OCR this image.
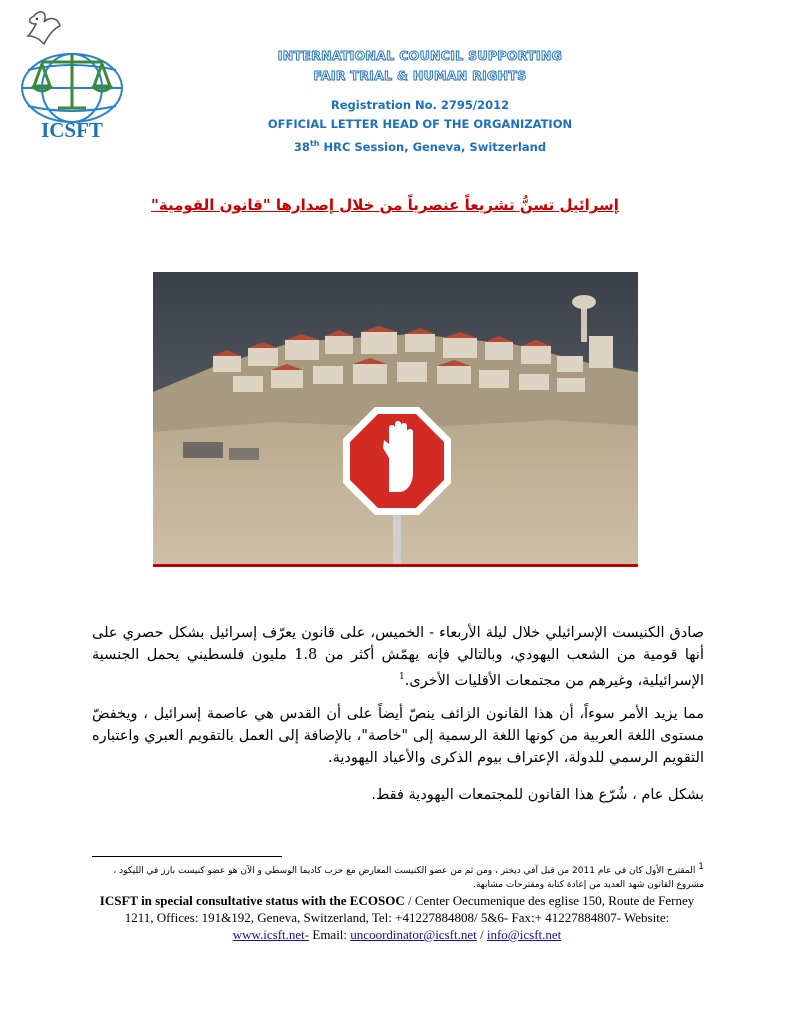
ICSFT
INTERNATIONAL COUNCIL SUPPORTING
FAIR TRIAL & HUMAN RIGHTS
Registration No. 2795/2012
OFFICIAL LETTER HEAD OF THE ORGANIZATION
38th HRC Session, Geneva, Switzerland
إسرائيل تسنُّ تشريعاً عنصرياً من خلال إصدارها "قانون القومية"
صادق الكنيست الإسرائيلي خلال ليلة الأربعاء - الخميس، على قانون يعرّف إسرائيل بشكل حصري على أنها قومية من الشعب اليهودي، وبالتالي فإنه يهمّش أكثر من 1.8 مليون فلسطيني يحمل الجنسية الإسرائيلية، وغيرهم من مجتمعات الأقليات الأخرى.$^1$
مما يزيد الأمر سوءاً، أن هذا القانون الزائف ينصّ أيضاً على أن القدس هي عاصمة إسرائيل ، ويخفضّ مستوى اللغة العربية من كونها اللغة الرسمية إلى "خاصة"، بالإضافة إلى العمل بالتقويم العبري واعتباره التقويم الرسمي للدولة، الإعتراف بيوم الذكرى والأعياد اليهودية.
بشكل عام ، شُرّع هذا القانون للمجتمعات اليهودية فقط.
1 المقترح الأول كان في عام 2011 من قبل آفي ديختر ، ومن ثم من عضو الكنيست المعارض مع حزب كاديما الوسطي و الآن هو عضو كنيست بارز في الليكود ، مشروع القانون شهد العديد من إعادة كتابة ومقترحات مشابهة.
ICSFT in special consultative status with the ECOSOC / Center Oecumenique des eglise 150, Route de Ferney 1211, Offices: 191&192, Geneva, Switzerland, Tel: +41227884808/ 5&6- Fax:+ 41227884807- Website: www.icsft.net- Email: uncoordinator@icsft.net / info@icsft.net
